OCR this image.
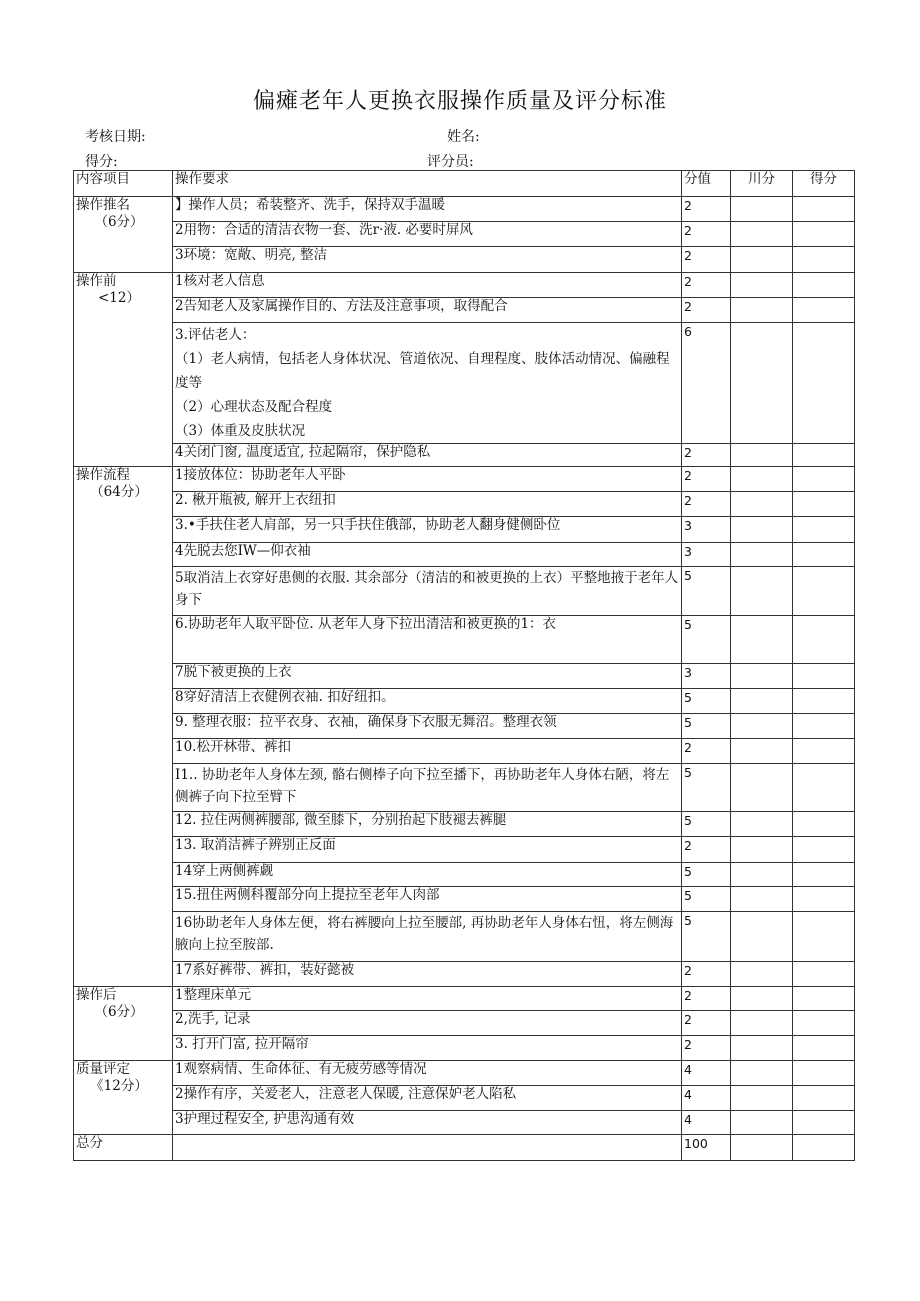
偏瘫老年人更换衣服操作质量及评分标准
考核日期:	姓名:
得分:	评分员:
内容项目	操作要求	分值	川分	得分
操作推名
（6分）	】操作人员；希装整齐、洗手，保持双手温暖	2		
	2用物：合适的清洁衣物一套、洗r·液. 必要时屏风	2		
	3环境：宽敞、明亮, 整洁	2		
操作前
<12）	1核对老人信息	2		
	2告知老人及家属操作目的、方法及注意事项，取得配合	2		
	3.评估老人：
（1）老人病情，包括老人身体状况、管道依况、自理程度、肢体活动情况、偏融程度等
（2）心理状态及配合程度
（3）体重及皮肤状况	6		
	4关闭门窗, 温度适宜, 拉起隔帘，保护隐私	2		
操作流程
（64分）	1接放体位：协助老年人平卧	2		
	2. 楸开瓶被, 解开上衣纽扣	2		
	3.•手扶住老人肩部，另一只手扶住俄部，协助老人翻身健侧卧位	3		
	4先脱去您IW—仰衣袖	3		
	5取消洁上衣穿好患侧的衣服. 其余部分（清洁的和被更换的上衣）平整地掖于老年人身下	5		
	6.协助老年人取平卧位. 从老年人身下拉出清洁和被更换的1：衣	5		
	7脱下被更换的上衣	3		
	8穿好清洁上衣健例衣袖. 扣好纽扣。	5		
	9. 整理衣服：拉平衣身、衣袖，确保身下衣服无舞沼。整理衣领	5		
	10.松开林带、裤扣	2		
	I1.. 协助老年人身体左颈, 骼右侧棒子向下拉至播下，再协助老年人身体右陋，将左侧裤子向下拉至臂下	5		
	12. 拉住两侧裤腰部, 微至膝下，分别抬起下肢褪去裤腿	5		
	13. 取消洁裤子辨别正反面	2		
	14穿上两侧裤觑	5		
	15.扭住两侧科覆部分向上提拉至老年人肉部	5		
	16协助老年人身体左便，将右裤腰向上拉至腰部, 再协助老年人身体右忸，将左侧海腋向上拉至胺部.	5		
	17系好裤带、裤扣，装好懿被	2		
操作后
（6分）	1整理床单元	2		
	2,洗手, 记录	2		
	3. 打开门富, 拉开隔帘	2		
质量评定
《12分）	1观察病情、生命体征、有无疲劳感等情况	4		
	2操作有序，关爱老人，注意老人保暖, 注意保妒老人陷私	4		
	3护理过程安全, 护患沟通有效	4		
总分		100		
